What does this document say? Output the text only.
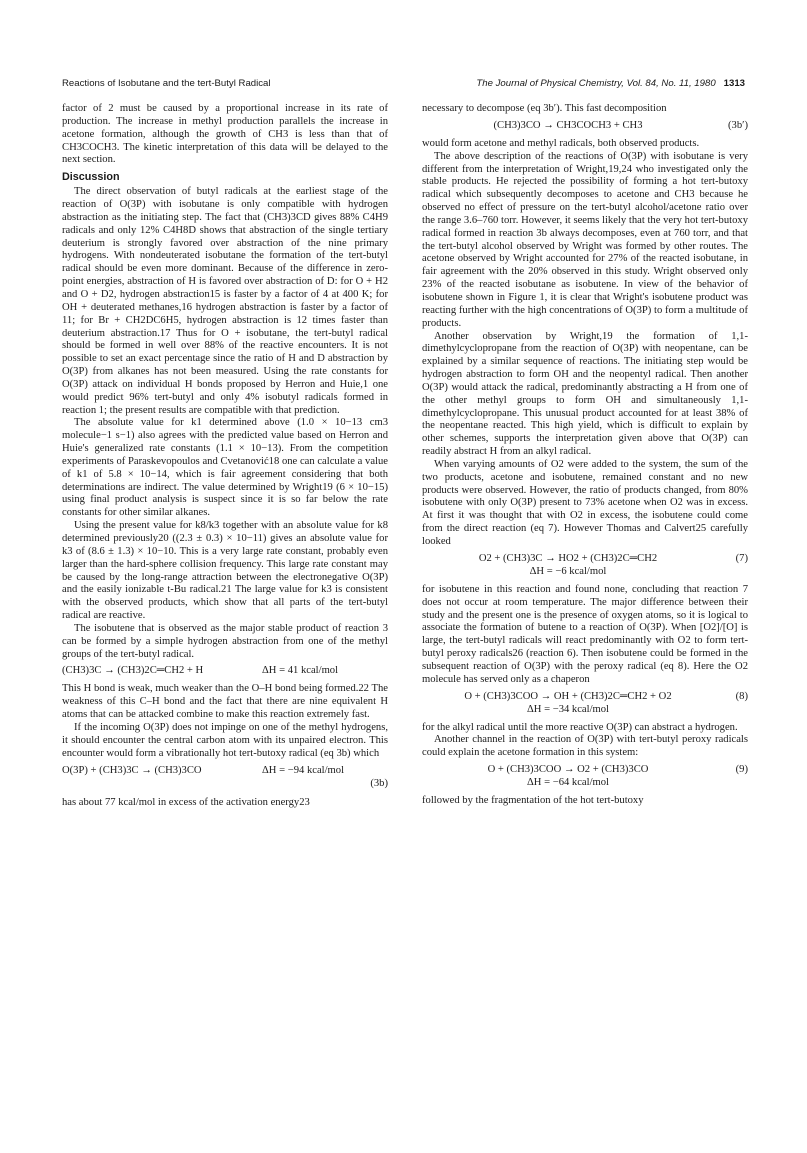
Reactions of Isobutane and the tert-Butyl Radical	The Journal of Physical Chemistry, Vol. 84, No. 11, 1980 1313

factor of 2 must be caused by a proportional increase in its rate of production. The increase in methyl production parallels the increase in acetone formation, although the growth of CH3 is less than that of CH3COCH3. The kinetic interpretation of this data will be delayed to the next section.

Discussion

The direct observation of butyl radicals at the earliest stage of the reaction of O(3P) with isobutane is only compatible with hydrogen abstraction as the initiating step. The fact that (CH3)3CD gives 88% C4H9 radicals and only 12% C4H8D shows that abstraction of the single tertiary deuterium is strongly favored over abstraction of the nine primary hydrogens. With nondeuterated isobutane the formation of the tert-butyl radical should be even more dominant. Because of the difference in zero-point energies, abstraction of H is favored over abstraction of D: for O + H2 and O + D2, hydrogen abstraction15 is faster by a factor of 4 at 400 K; for OH + deuterated methanes,16 hydrogen abstraction is faster by a factor of 11; for Br + CH2DC6H5, hydrogen abstraction is 12 times faster than deuterium abstraction.17 Thus for O + isobutane, the tert-butyl radical should be formed in well over 88% of the reactive encounters. It is not possible to set an exact percentage since the ratio of H and D abstraction by O(3P) from alkanes has not been measured. Using the rate constants for O(3P) attack on individual H bonds proposed by Herron and Huie,1 one would predict 96% tert-butyl and only 4% isobutyl radicals formed in reaction 1; the present results are compatible with that prediction.

The absolute value for k1 determined above (1.0 × 10−13 cm3 molecule−1 s−1) also agrees with the predicted value based on Herron and Huie's generalized rate constants (1.1 × 10−13). From the competition experiments of Paraskevopoulos and Cvetanović18 one can calculate a value of k1 of 5.8 × 10−14, which is fair agreement considering that both determinations are indirect. The value determined by Wright19 (6 × 10−15) using final product analysis is suspect since it is so far below the rate constants for other similar alkanes.

Using the present value for k8/k3 together with an absolute value for k8 determined previously20 ((2.3 ± 0.3) × 10−11) gives an absolute value for k3 of (8.6 ± 1.3) × 10−10. This is a very large rate constant, probably even larger than the hard-sphere collision frequency. This large rate constant may be caused by the long-range attraction between the electronegative O(3P) and the easily ionizable t-Bu radical.21 The large value for k3 is consistent with the observed products, which show that all parts of the tert-butyl radical are reactive.

The isobutene that is observed as the major stable product of reaction 3 can be formed by a simple hydrogen abstraction from one of the methyl groups of the tert-butyl radical.

(CH3)3C → (CH3)2C═CH2 + H	ΔH = 41 kcal/mol

This H bond is weak, much weaker than the O–H bond being formed.22 The weakness of this C–H bond and the fact that there are nine equivalent H atoms that can be attacked combine to make this reaction extremely fast.

If the incoming O(3P) does not impinge on one of the methyl hydrogens, it should encounter the central carbon atom with its unpaired electron. This encounter would form a vibrationally hot tert-butoxy radical (eq 3b) which

O(3P) + (CH3)3C → (CH3)3CO	ΔH = −94 kcal/mol
(3b)

has about 77 kcal/mol in excess of the activation energy23

necessary to decompose (eq 3b′). This fast decomposition

(CH3)3CO → CH3COCH3 + CH3	(3b′)

would form acetone and methyl radicals, both observed products.

The above description of the reactions of O(3P) with isobutane is very different from the interpretation of Wright,19,24 who investigated only the stable products. He rejected the possibility of forming a hot tert-butoxy radical which subsequently decomposes to acetone and CH3 because he observed no effect of pressure on the tert-butyl alcohol/acetone ratio over the range 3.6–760 torr. However, it seems likely that the very hot tert-butoxy radical formed in reaction 3b always decomposes, even at 760 torr, and that the tert-butyl alcohol observed by Wright was formed by other routes. The acetone observed by Wright accounted for 27% of the reacted isobutane, in fair agreement with the 20% observed in this study. Wright observed only 23% of the reacted isobutane as isobutene. In view of the behavior of isobutene shown in Figure 1, it is clear that Wright's isobutene product was reacting further with the high concentrations of O(3P) to form a multitude of products.

Another observation by Wright,19 the formation of 1,1-dimethylcyclopropane from the reaction of O(3P) with neopentane, can be explained by a similar sequence of reactions. The initiating step would be hydrogen abstraction to form OH and the neopentyl radical. Then another O(3P) would attack the radical, predominantly abstracting a H from one of the other methyl groups to form OH and simultaneously 1,1-dimethylcyclopropane. This unusual product accounted for at least 38% of the neopentane reacted. This high yield, which is difficult to explain by other schemes, supports the interpretation given above that O(3P) can readily abstract H from an alkyl radical.

When varying amounts of O2 were added to the system, the sum of the two products, acetone and isobutene, remained constant and no new products were observed. However, the ratio of products changed, from 80% isobutene with only O(3P) present to 73% acetone when O2 was in excess. At first it was thought that with O2 in excess, the isobutene could come from the direct reaction (eq 7). However Thomas and Calvert25 carefully looked

O2 + (CH3)3C → HO2 + (CH3)2C═CH2	(7)
ΔH = −6 kcal/mol

for isobutene in this reaction and found none, concluding that reaction 7 does not occur at room temperature. The major difference between their study and the present one is the presence of oxygen atoms, so it is logical to associate the formation of butene to a reaction of O(3P). When [O2]/[O] is large, the tert-butyl radicals will react predominantly with O2 to form tert-butyl peroxy radicals26 (reaction 6). Then isobutene could be formed in the subsequent reaction of O(3P) with the peroxy radical (eq 8). Here the O2 molecule has served only as a chaperon

O + (CH3)3COO → OH + (CH3)2C═CH2 + O2	(8)
ΔH = −34 kcal/mol

for the alkyl radical until the more reactive O(3P) can abstract a hydrogen.

Another channel in the reaction of O(3P) with tert-butyl peroxy radicals could explain the acetone formation in this system:

O + (CH3)3COO → O2 + (CH3)3CO	(9)
ΔH = −64 kcal/mol

followed by the fragmentation of the hot tert-butoxy
